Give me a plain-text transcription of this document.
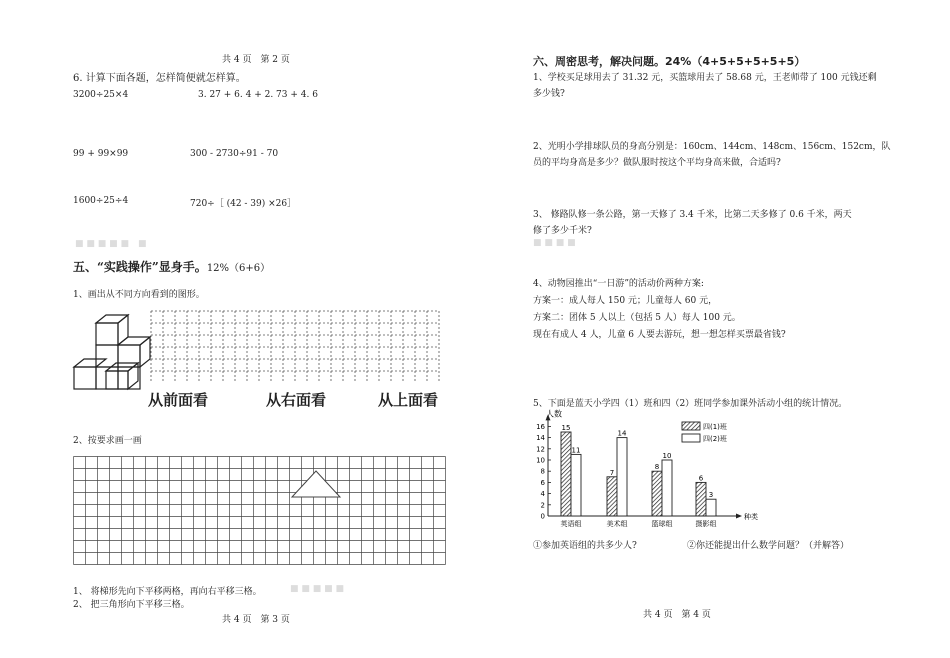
共 4 页　第 2 页
6. 计算下面各题，怎样简便就怎样算。
3200÷25×4	3. 27 + 6. 4 + 2. 73 + 4. 6
99 + 99×99	300 - 2730÷91 - 70
1600÷25÷4	720÷［ (42 - 39) ×26］
■ ■ ■ ■ ■　■
五、“实践操作”显身手。12%（6+6）
1、画出从不同方向看到的图形。
从前面看	从右面看	从上面看
2、按要求画一画
1、 将梯形先向下平移两格，再向右平移三格。
2、 把三角形向下平移三格。
■ ■ ■ ■ ■
共 4 页　第 3 页
六、周密思考，解决问题。24%（4+5+5+5+5+5）
1、学校买足球用去了 31.32 元，买篮球用去了 58.68 元，王老师带了 100 元钱还剩
多少钱?
2、光明小学排球队员的身高分别是：160cm、144cm、148cm、156cm、152cm，队
员的平均身高是多少？做队服时按这个平均身高来做，合适吗?
3、 修路队修一条公路，第一天修了 3.4 千米，比第二天多修了 0.6 千米，两天
修了多少千米?
■ ■ ■ ■
4、动物园推出“一日游”的活动价两种方案:
方案一：成人每人 150 元；儿童每人 60 元，
方案二：团体 5 人以上（包括 5 人）每人 100 元。
现在有成人 4 人，儿童 6 人要去游玩，想一想怎样买票最省钱?
5、下面是蓝天小学四（1）班和四（2）班同学参加课外活动小组的统计情况。
人数
种类
0
2
4
6
8
10
12
14
16 15
11
英语组
7
14
美术组
8
10
篮球组
6
3
摄影组
四(1)班
四(2)班
①参加英语组的共多少人?	②你还能提出什么数学问题？（并解答）
共 4 页　第 4 页
